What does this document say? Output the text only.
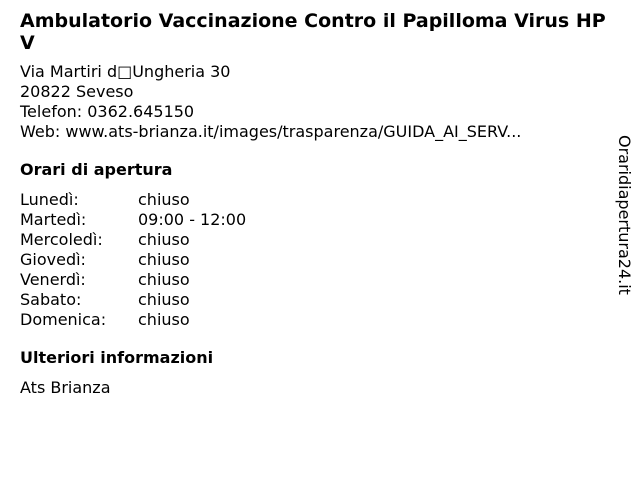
Ambulatorio Vaccinazione Contro il Papilloma Virus HPV
Via Martiri d□Ungheria 30
20822 Seveso
Telefon: 0362.645150
Web: www.ats-brianza.it/images/trasparenza/GUIDA_AI_SERV...
Orari di apertura
Lunedì:	chiuso
Martedì:	09:00 - 12:00
Mercoledì:	chiuso
Giovedì:	chiuso
Venerdì:	chiuso
Sabato:	chiuso
Domenica:	chiuso
Ulteriori informazioni
Ats Brianza
Oraridiapertura24.it
